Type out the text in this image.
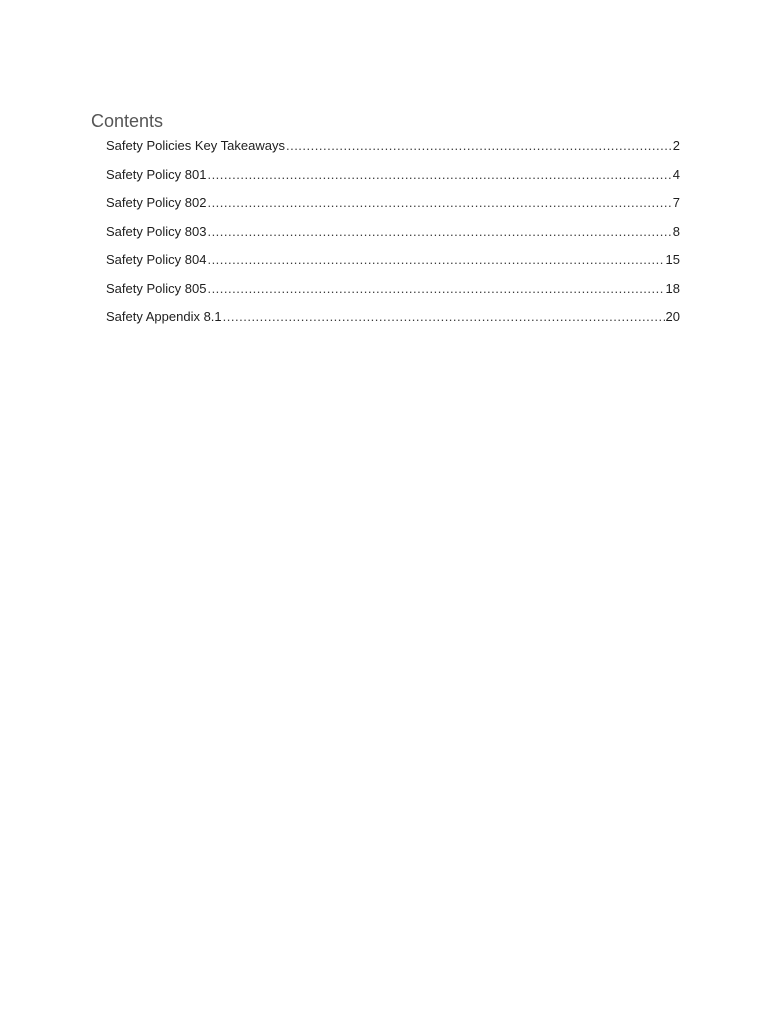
Contents
Safety Policies Key Takeaways .....	2
Safety Policy 801 .....	4
Safety Policy 802 .....	7
Safety Policy 803 .....	8
Safety Policy 804 .....	15
Safety Policy 805 .....	18
Safety Appendix 8.1 .....	20
